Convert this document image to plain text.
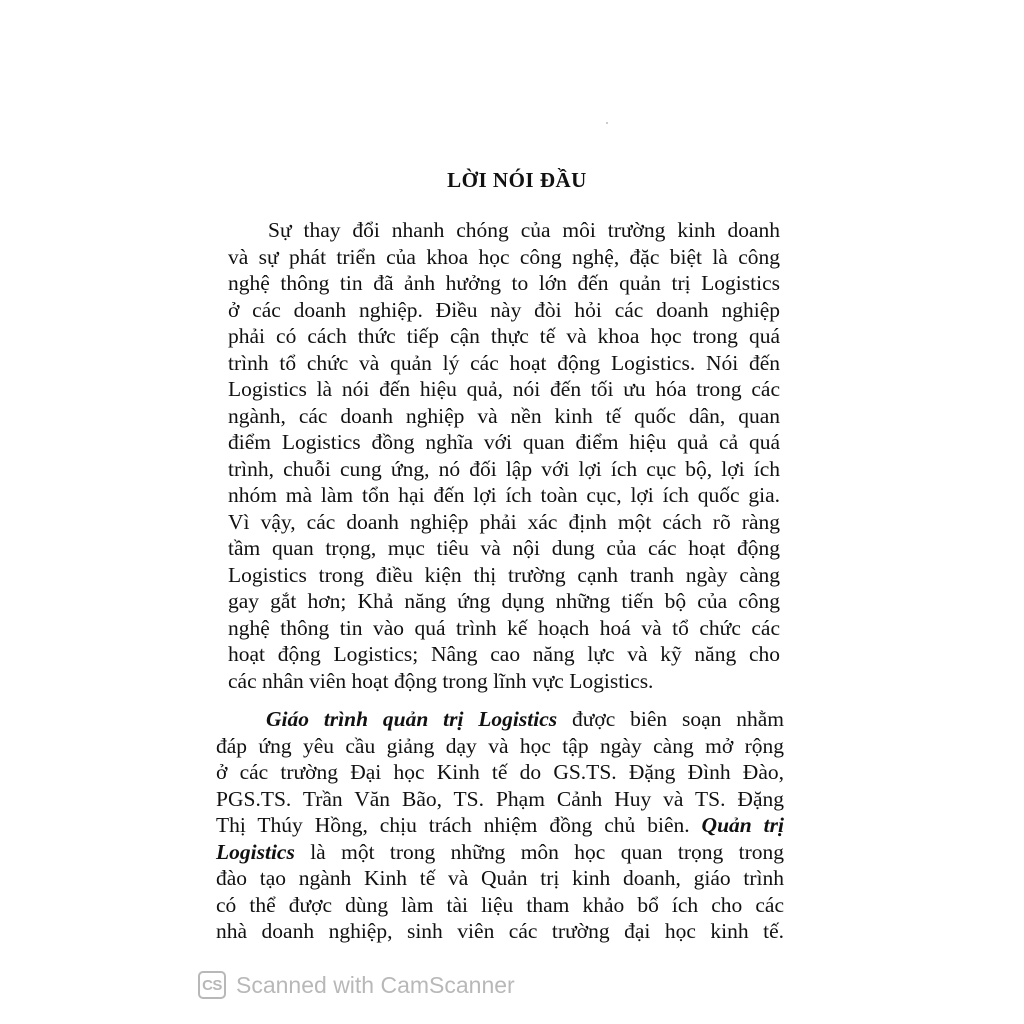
LỜI NÓI ĐẦU
Sự thay đổi nhanh chóng của môi trường kinh doanh
và sự phát triển của khoa học công nghệ, đặc biệt là công
nghệ thông tin đã ảnh hưởng to lớn đến quản trị Logistics
ở các doanh nghiệp. Điều này đòi hỏi các doanh nghiệp
phải có cách thức tiếp cận thực tế và khoa học trong quá
trình tổ chức và quản lý các hoạt động Logistics. Nói đến
Logistics là nói đến hiệu quả, nói đến tối ưu hóa trong các
ngành, các doanh nghiệp và nền kinh tế quốc dân, quan
điểm Logistics đồng nghĩa với quan điểm hiệu quả cả quá
trình, chuỗi cung ứng, nó đối lập với lợi ích cục bộ, lợi ích
nhóm mà làm tổn hại đến lợi ích toàn cục, lợi ích quốc gia.
Vì vậy, các doanh nghiệp phải xác định một cách rõ ràng
tầm quan trọng, mục tiêu và nội dung của các hoạt động
Logistics trong điều kiện thị trường cạnh tranh ngày càng
gay gắt hơn; Khả năng ứng dụng những tiến bộ của công
nghệ thông tin vào quá trình kế hoạch hoá và tổ chức các
hoạt động Logistics; Nâng cao năng lực và kỹ năng cho
các nhân viên hoạt động trong lĩnh vực Logistics.
Giáo trình quản trị Logistics được biên soạn nhằm
đáp ứng yêu cầu giảng dạy và học tập ngày càng mở rộng
ở các trường Đại học Kinh tế do GS.TS. Đặng Đình Đào,
PGS.TS. Trần Văn Bão, TS. Phạm Cảnh Huy và TS. Đặng
Thị Thúy Hồng, chịu trách nhiệm đồng chủ biên. Quản trị
Logistics là một trong những môn học quan trọng trong
đào tạo ngành Kinh tế và Quản trị kinh doanh, giáo trình
có thể được dùng làm tài liệu tham khảo bổ ích cho các
nhà doanh nghiệp, sinh viên các trường đại học kinh tế.
CS Scanned with CamScanner
